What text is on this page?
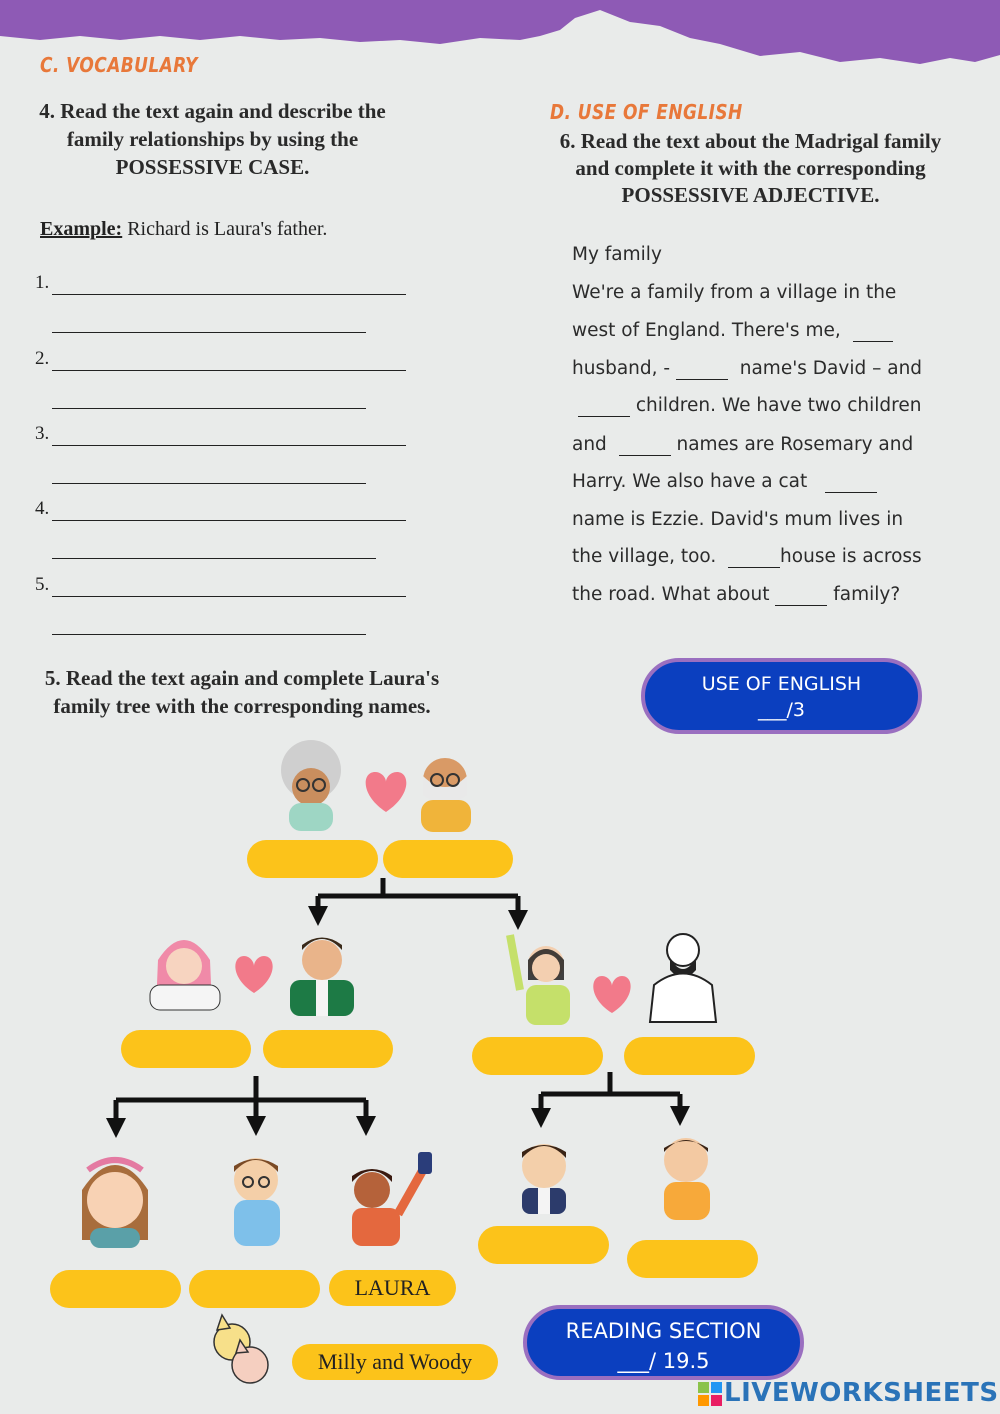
C. VOCABULARY
4. Read the text again and describe the
family relationships by using the
POSSESSIVE CASE.
Example: Richard is Laura's father.
1.
2.
3.
4.
5.
D. USE OF ENGLISH
6. Read the text about the Madrigal family
and complete it with the corresponding
POSSESSIVE ADJECTIVE.
My family
We're a family from a village in the
west of England. There's me,
husband, -	name's David – and
children. We have two children
and	names are Rosemary and
Harry. We also have a cat
name is Ezzie. David's mum lives in
the village, too.	house is across
the road. What about	family?
USE OF ENGLISH
___/3
5. Read the text again and complete Laura's
family tree with the corresponding names.
LAURA
Milly and Woody
READING SECTION
___/ 19.5
LIVEWORKSHEETS
